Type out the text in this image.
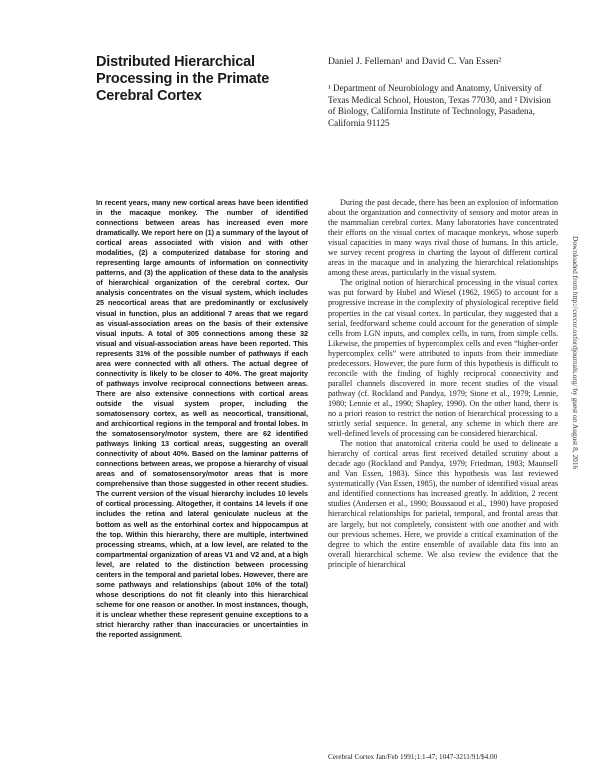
Distributed Hierarchical Processing in the Primate Cerebral Cortex
Daniel J. Felleman¹ and David C. Van Essen²

¹ Department of Neurobiology and Anatomy, University of Texas Medical School, Houston, Texas 77030, and ² Division of Biology, California Institute of Technology, Pasadena, California 91125

In recent years, many new cortical areas have been identified in the macaque monkey. The number of identified connections between areas has increased even more dramatically. We report here on (1) a summary of the layout of cortical areas associated with vision and with other modalities, (2) a computerized database for storing and representing large amounts of information on connectivity patterns, and (3) the application of these data to the analysis of hierarchical organization of the cerebral cortex. Our analysis concentrates on the visual system, which includes 25 neocortical areas that are predominantly or exclusively visual in function, plus an additional 7 areas that we regard as visual-association areas on the basis of their extensive visual inputs. A total of 305 connections among these 32 visual and visual-association areas have been reported. This represents 31% of the possible number of pathways if each area were connected with all others. The actual degree of connectivity is likely to be closer to 40%. The great majority of pathways involve reciprocal connections between areas. There are also extensive connections with cortical areas outside the visual system proper, including the somatosensory cortex, as well as neocortical, transitional, and archicortical regions in the temporal and frontal lobes. In the somatosensory/motor system, there are 62 identified pathways linking 13 cortical areas, suggesting an overall connectivity of about 40%. Based on the laminar patterns of connections between areas, we propose a hierarchy of visual areas and of somatosensory/motor areas that is more comprehensive than those suggested in other recent studies. The current version of the visual hierarchy includes 10 levels of cortical processing. Altogether, it contains 14 levels if one includes the retina and lateral geniculate nucleus at the bottom as well as the entorhinal cortex and hippocampus at the top. Within this hierarchy, there are multiple, intertwined processing streams, which, at a low level, are related to the compartmental organization of areas V1 and V2 and, at a high level, are related to the distinction between processing centers in the temporal and parietal lobes. However, there are some pathways and relationships (about 10% of the total) whose descriptions do not fit cleanly into this hierarchical scheme for one reason or another. In most instances, though, it is unclear whether these represent genuine exceptions to a strict hierarchy rather than inaccuracies or uncertainties in the reported assignment.

During the past decade, there has been an explosion of information about the organization and connectivity of sensory and motor areas in the mammalian cerebral cortex. Many laboratories have concentrated their efforts on the visual cortex of macaque monkeys, whose superb visual capacities in many ways rival those of humans. In this article, we survey recent progress in charting the layout of different cortical areas in the macaque and in analyzing the hierarchical relationships among these areas, particularly in the visual system.

The original notion of hierarchical processing in the visual cortex was put forward by Hubel and Wiesel (1962, 1965) to account for a progressive increase in the complexity of physiological receptive field properties in the cat visual cortex. In particular, they suggested that a serial, feedforward scheme could account for the generation of simple cells from LGN inputs, and complex cells, in turn, from simple cells. Likewise, the properties of hypercomplex cells and even “higher-order hypercomplex cells” were attributed to inputs from their immediate predecessors. However, the pure form of this hypothesis is difficult to reconcile with the finding of highly reciprocal connectivity and parallel channels discovered in more recent studies of the visual pathway (cf. Rockland and Pandya, 1979; Stone et al., 1979; Lennie, 1980; Lennie et al., 1990; Shapley, 1990). On the other hand, there is no a priori reason to restrict the notion of hierarchical processing to a strictly serial sequence. In general, any scheme in which there are well-defined levels of processing can be considered hierarchical.

The notion that anatomical criteria could be used to delineate a hierarchy of cortical areas first received detailed scrutiny about a decade ago (Rockland and Pandya, 1979; Friedman, 1983; Maunsell and Van Essen, 1983). Since this hypothesis was last reviewed systematically (Van Essen, 1985), the number of identified visual areas and identified connections has increased greatly. In addition, 2 recent studies (Andersen et al., 1990; Boussaoud et al., 1990) have proposed hierarchical relationships for parietal, temporal, and frontal areas that are largely, but not completely, consistent with one another and with our previous schemes. Here, we provide a critical examination of the degree to which the entire ensemble of available data fits into an overall hierarchical scheme. We also review the evidence that the principle of hierarchical

Cerebral Cortex Jan/Feb 1991;1:1-47; 1047-3211/91/$4.00
Downloaded from http://cercor.oxfordjournals.org/ by guest on August 8, 2016
